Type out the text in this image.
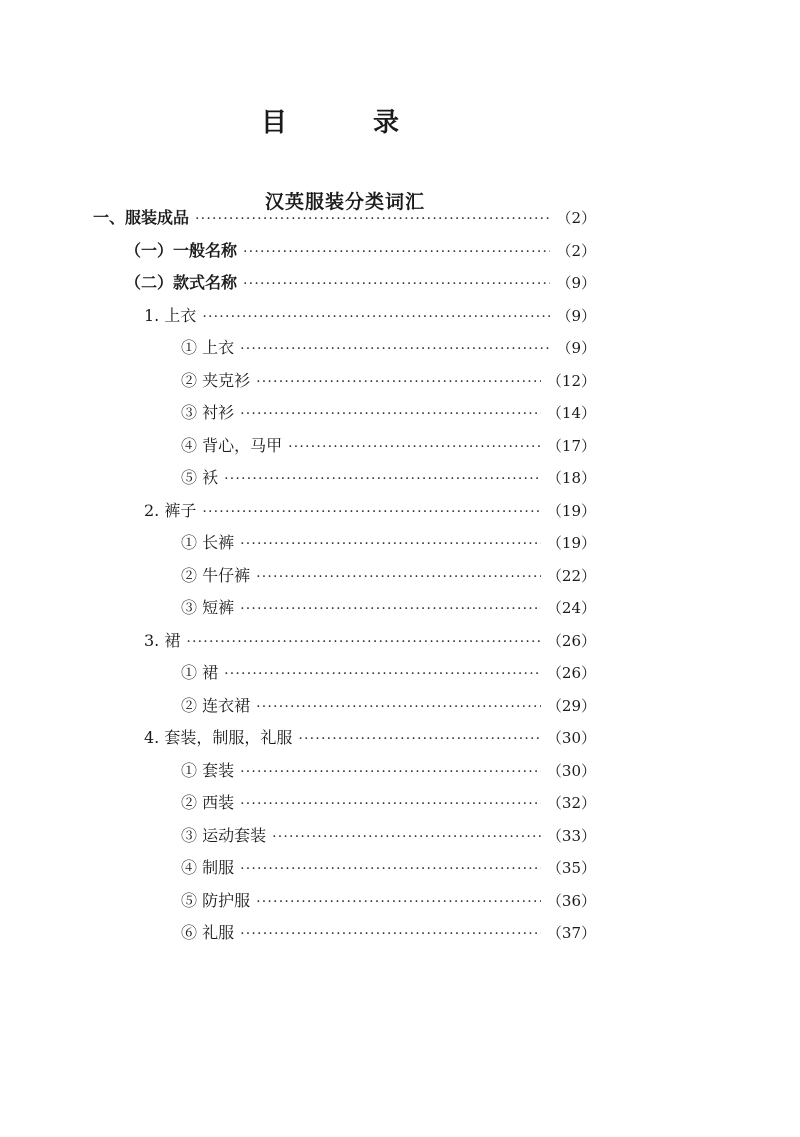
目　录
汉英服装分类词汇
一、服装成品 ·····	（2）
（一）一般名称 ·····	（2）
（二）款式名称 ·····	（9）
1. 上衣 ·····	（9）
① 上衣 ·····	（9）
② 夹克衫 ·····	（12）
③ 衬衫 ·····	（14）
④ 背心，马甲 ·····	（17）
⑤ 袄 ·····	（18）
2. 裤子 ·····	（19）
① 长裤 ·····	（19）
② 牛仔裤 ·····	（22）
③ 短裤 ·····	（24）
3. 裙 ·····	（26）
① 裙 ·····	（26）
② 连衣裙 ·····	（29）
4. 套装，制服，礼服 ·····	（30）
① 套装 ·····	（30）
② 西装 ·····	（32）
③ 运动套装 ·····	（33）
④ 制服 ·····	（35）
⑤ 防护服 ·····	（36）
⑥ 礼服 ·····	（37）
